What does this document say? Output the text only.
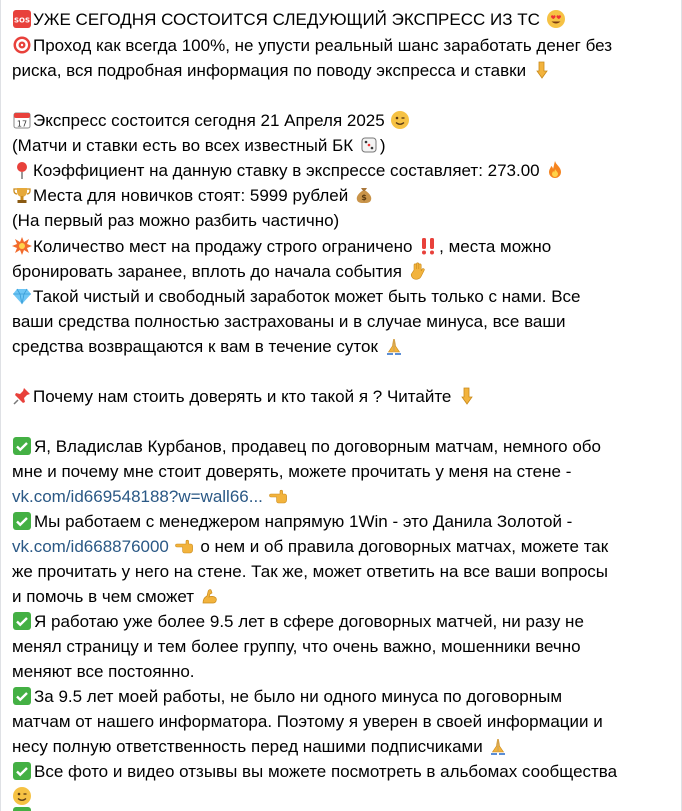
SOS УЖЕ СЕГОДНЯ СОСТОИТСЯ СЛЕДУЮЩИЙ ЭКСПРЕСС ИЗ ТС
Проход как всегда 100%, не упусти реальный шанс заработать денег без
риска, вся подробная информация по поводу экспресса и ставки
17 Экспресс состоится сегодня 21 Апреля 2025
(Матчи и ставки есть во всех известный БК )
Коэффициент на данную ставку в экспрессе составляет: 273.00
Места для новичков стоят: 5999 рублей $
(На первый раз можно разбить частично)
Количество мест на продажу строго ограничено , места можно
бронировать заранее, вплоть до начала события
Такой чистый и свободный заработок может быть только с нами. Все
ваши средства полностью застрахованы и в случае минуса, все ваши
средства возвращаются к вам в течение суток
Почему нам стоить доверять и кто такой я ? Читайте
Я, Владислав Курбанов, продавец по договорным матчам, немного обо
мне и почему мне стоит доверять, можете прочитать у меня на стене -
vk.com/id669548188?w=wall66...
Мы работаем с менеджером напрямую 1Win - это Данила Золотой -
vk.com/id668876000 о нем и об правила договорных матчах, можете так
же прочитать у него на стене. Так же, может ответить на все ваши вопросы
и помочь в чем сможет
Я работаю уже более 9.5 лет в сфере договорных матчей, ни разу не
менял страницу и тем более группу, что очень важно, мошенники вечно
меняют все постоянно.
За 9.5 лет моей работы, не было ни одного минуса по договорным
матчам от нашего информатора. Поэтому я уверен в своей информации и
несу полную ответственность перед нашими подписчиками
Все фото и видео отзывы вы можете посмотреть в альбомах сообщества
